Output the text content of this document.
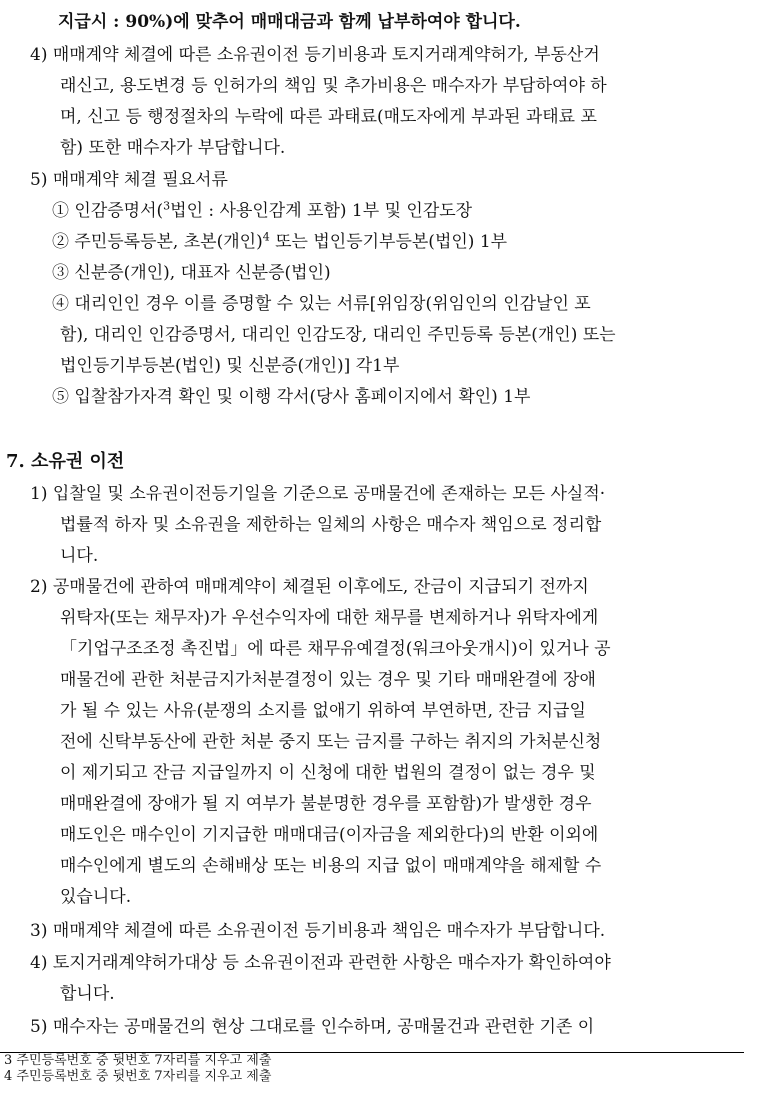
지급시 : 90%)에 맞추어 매매대금과 함께 납부하여야 합니다.
4) 매매계약 체결에 따른 소유권이전 등기비용과 토지거래계약허가, 부동산거
래신고, 용도변경 등 인허가의 책임 및 추가비용은 매수자가 부담하여야 하
며, 신고 등 행정절차의 누락에 따른 과태료(매도자에게 부과된 과태료 포
함) 또한 매수자가 부담합니다.
5) 매매계약 체결 필요서류
① 인감증명서($^3$법인 : 사용인감계 포함) 1부 및 인감도장
② 주민등록등본, 초본(개인)$^4$ 또는 법인등기부등본(법인) 1부
③ 신분증(개인), 대표자 신분증(법인)
④ 대리인인 경우 이를 증명할 수 있는 서류[위임장(위임인의 인감날인 포
함), 대리인 인감증명서, 대리인 인감도장, 대리인 주민등록 등본(개인) 또는
법인등기부등본(법인) 및 신분증(개인)] 각1부
⑤ 입찰참가자격 확인 및 이행 각서(당사 홈페이지에서 확인) 1부
7. 소유권 이전
1) 입찰일 및 소유권이전등기일을 기준으로 공매물건에 존재하는 모든 사실적·
법률적 하자 및 소유권을 제한하는 일체의 사항은 매수자 책임으로 정리합
니다.
2) 공매물건에 관하여 매매계약이 체결된 이후에도, 잔금이 지급되기 전까지
위탁자(또는 채무자)가 우선수익자에 대한 채무를 변제하거나 위탁자에게
「기업구조조정 촉진법」에 따른 채무유예결정(워크아웃개시)이 있거나 공
매물건에 관한 처분금지가처분결정이 있는 경우 및 기타 매매완결에 장애
가 될 수 있는 사유(분쟁의 소지를 없애기 위하여 부연하면, 잔금 지급일
전에 신탁부동산에 관한 처분 중지 또는 금지를 구하는 취지의 가처분신청
이 제기되고 잔금 지급일까지 이 신청에 대한 법원의 결정이 없는 경우 및
매매완결에 장애가 될 지 여부가 불분명한 경우를 포함함)가 발생한 경우
매도인은 매수인이 기지급한 매매대금(이자금을 제외한다)의 반환 이외에
매수인에게 별도의 손해배상 또는 비용의 지급 없이 매매계약을 해제할 수
있습니다.
3) 매매계약 체결에 따른 소유권이전 등기비용과 책임은 매수자가 부담합니다.
4) 토지거래계약허가대상 등 소유권이전과 관련한 사항은 매수자가 확인하여야
합니다.
5) 매수자는 공매물건의 현상 그대로를 인수하며, 공매물건과 관련한 기존 이
3 주민등록번호 중 뒷번호 7자리를 지우고 제출
4 주민등록번호 중 뒷번호 7자리를 지우고 제출
